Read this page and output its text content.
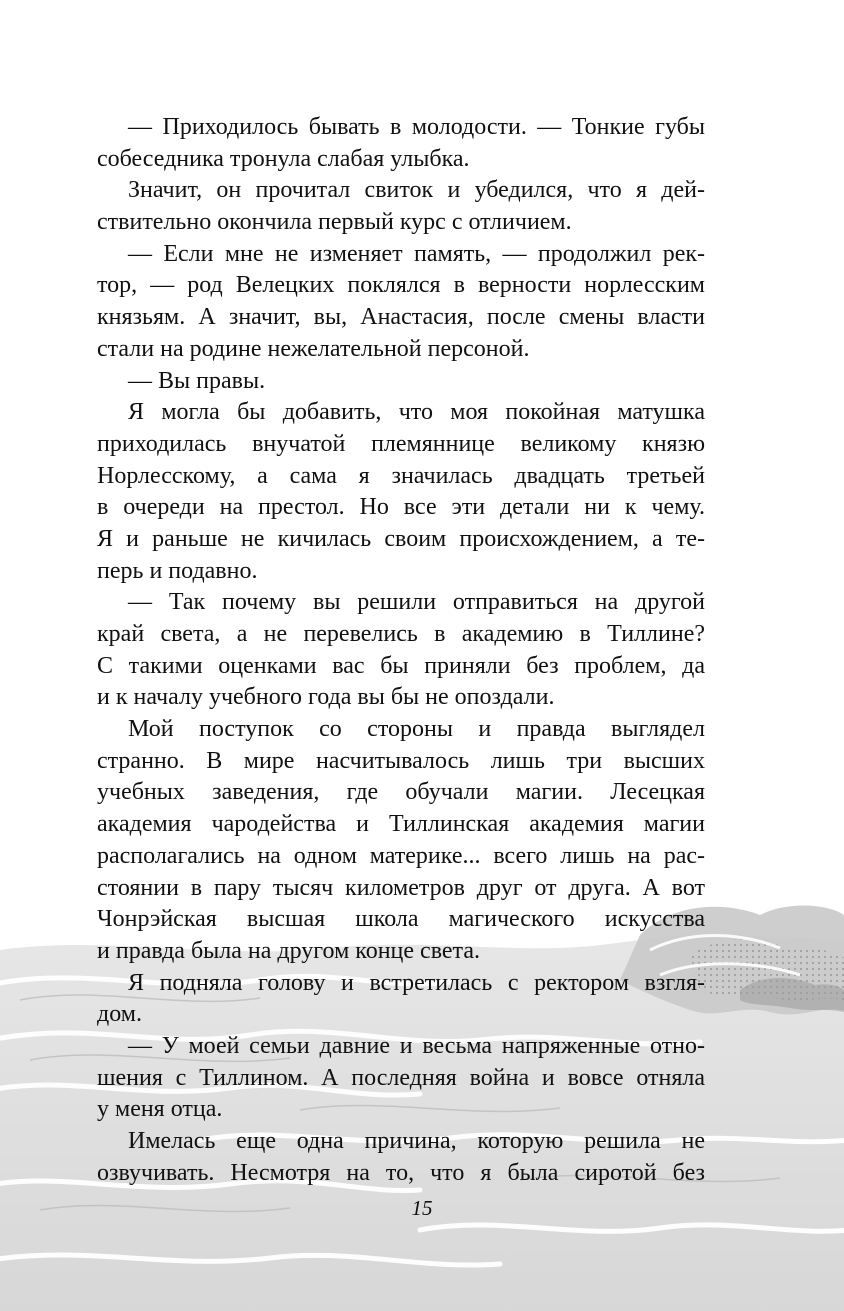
— Приходилось бывать в молодости. — Тонкие губы
собеседника тронула слабая улыбка.
Значит, он прочитал свиток и убедился, что я дей-
ствительно окончила первый курс с отличием.
— Если мне не изменяет память, — продолжил рек-
тор, — род Велецких поклялся в верности норлесским
князьям. А значит, вы, Анастасия, после смены власти
стали на родине нежелательной персоной.
— Вы правы.
Я могла бы добавить, что моя покойная матушка
приходилась внучатой племяннице великому князю
Норлесскому, а сама я значилась двадцать третьей
в очереди на престол. Но все эти детали ни к чему.
Я и раньше не кичилась своим происхождением, а те-
перь и подавно.
— Так почему вы решили отправиться на другой
край света, а не перевелись в академию в Тиллине?
С такими оценками вас бы приняли без проблем, да
и к началу учебного года вы бы не опоздали.
Мой поступок со стороны и правда выглядел
странно. В мире насчитывалось лишь три высших
учебных заведения, где обучали магии. Лесецкая
академия чародейства и Тиллинская академия магии
располагались на одном материке... всего лишь на рас-
стоянии в пару тысяч километров друг от друга. А вот
Чонрэйская высшая школа магического искусства
и правда была на другом конце света.
Я подняла голову и встретилась с ректором взгля-
дом.
— У моей семьи давние и весьма напряженные отно-
шения с Тиллином. А последняя война и вовсе отняла
у меня отца.
Имелась еще одна причина, которую решила не
озвучивать. Несмотря на то, что я была сиротой без
15
